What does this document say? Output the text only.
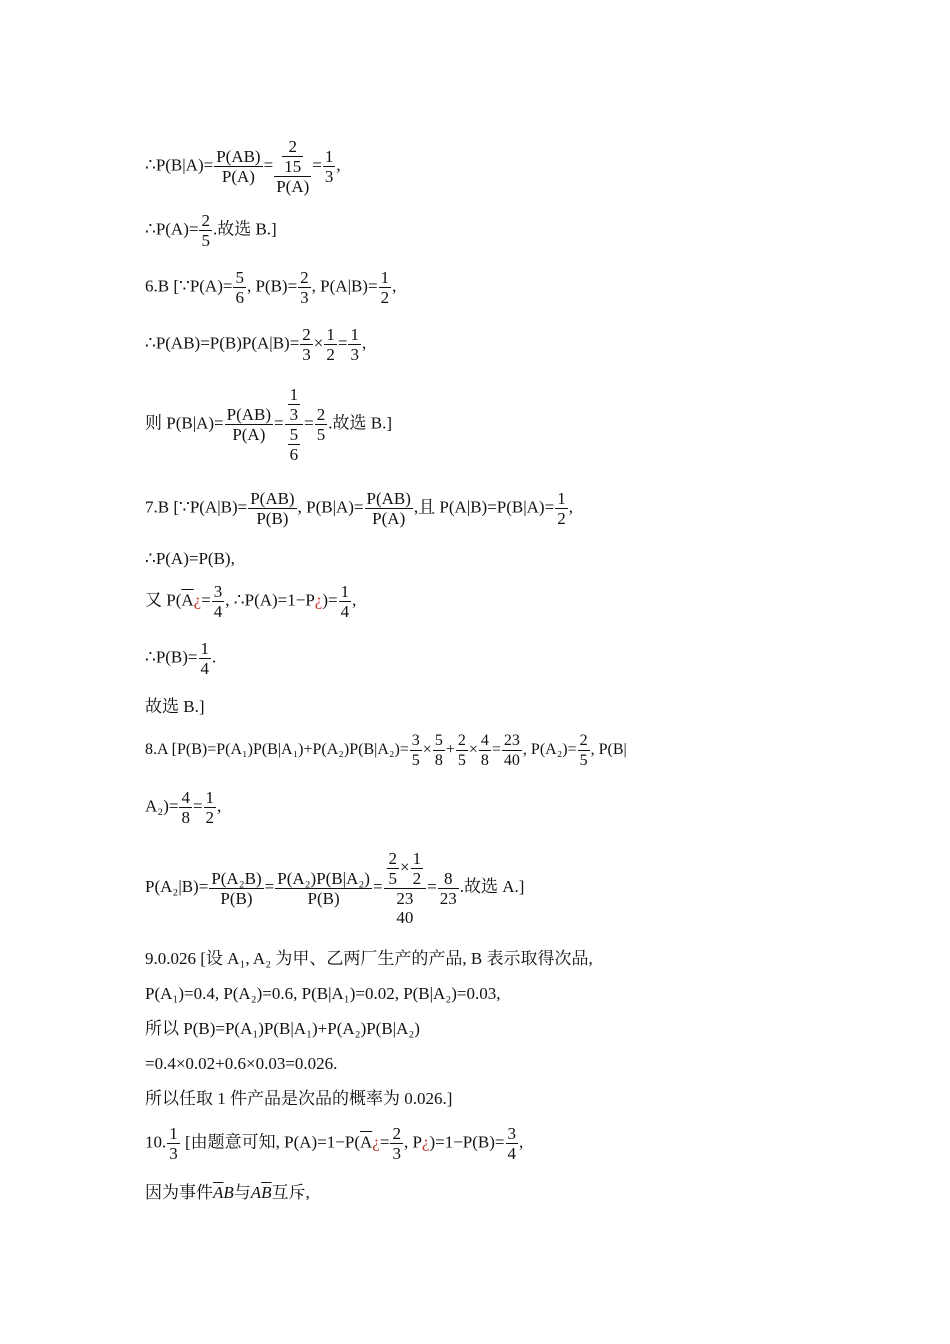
∴P(B|A)= $\frac{P(AB)}{P(A)} = \frac{\frac{2}{15}}{P(A)} = \frac{1}{3}$ ,
∴P(A)= $\frac{2}{5}$ .故选 B.]
6.B [∵P(A)= $\frac{5}{6}$ , $P(B)= \frac{2}{3}$ , $P(A|B)= \frac{1}{2}$ ,
∴P(AB)=P(B)P(A|B)= $\frac{2}{3} \times \frac{1}{2} = \frac{1}{3}$ ,
则 $P(B|A)= \frac{P(AB)}{P(A)} = \frac{\frac{1}{3}}{\frac{5}{6}} = \frac{2}{5}$ .故选 B.]
7.B [∵P(A|B)= $\frac{P(AB)}{P(B)}$ , $P(B|A)= \frac{P(AB)}{P(A)}$ ,且 $P(A|B)=P(B|A)= \frac{1}{2}$ ,
∴P(A)=P(B),
又 $P(\overline{A}¿= \frac{3}{4}$ , ∴P(A)=1−P¿)= $\frac{1}{4}$ ,
∴P(B)= $\frac{1}{4}$ .
故选 B.]
8.A [$P(B)=P(A_1)P(B|A_1)+P(A_2)P(B|A_2)= \frac{3}{5} \times \frac{5}{8} + \frac{2}{5} \times \frac{4}{8} = \frac{23}{40}$ , $P(A_2)= \frac{2}{5}$ , P(B|
$A_2)= \frac{4}{8} = \frac{1}{2}$ ,
$P(A_2|B)= \frac{\text{P(A₂B)}}{P(B)} = \frac{\text{P(A₂)P(B|A₂)}}{P(B)} = \frac{2}{5} \times \frac{1}{2}$
23
$40 = \frac{8}{23}$ .故选 A.]
9.0.026 [设 A₁, A₂ 为甲、乙两厂生产的产品, B 表示取得次品,
P(A₁)=0.4, P(A₂)=0.6, P(B|A₁)=0.02, P(B|A₂)=0.03,
所以 P(B)=P(A₁)P(B|A₁)+P(A₂)P(B|A₂)
=0.4×0.02+0.6×0.03=0.026.
所以任取 1 件产品是次品的概率为 0.026.]
10. $\frac{1}{3}$ [由题意可知, $P(A)=1-P(\overline{A}¿= \frac{2}{3}$ , P¿)=1−P(B)= $\frac{3}{4}$ ,
因为事件$\overline{A}B$与$A\overline{B}$互斥,
